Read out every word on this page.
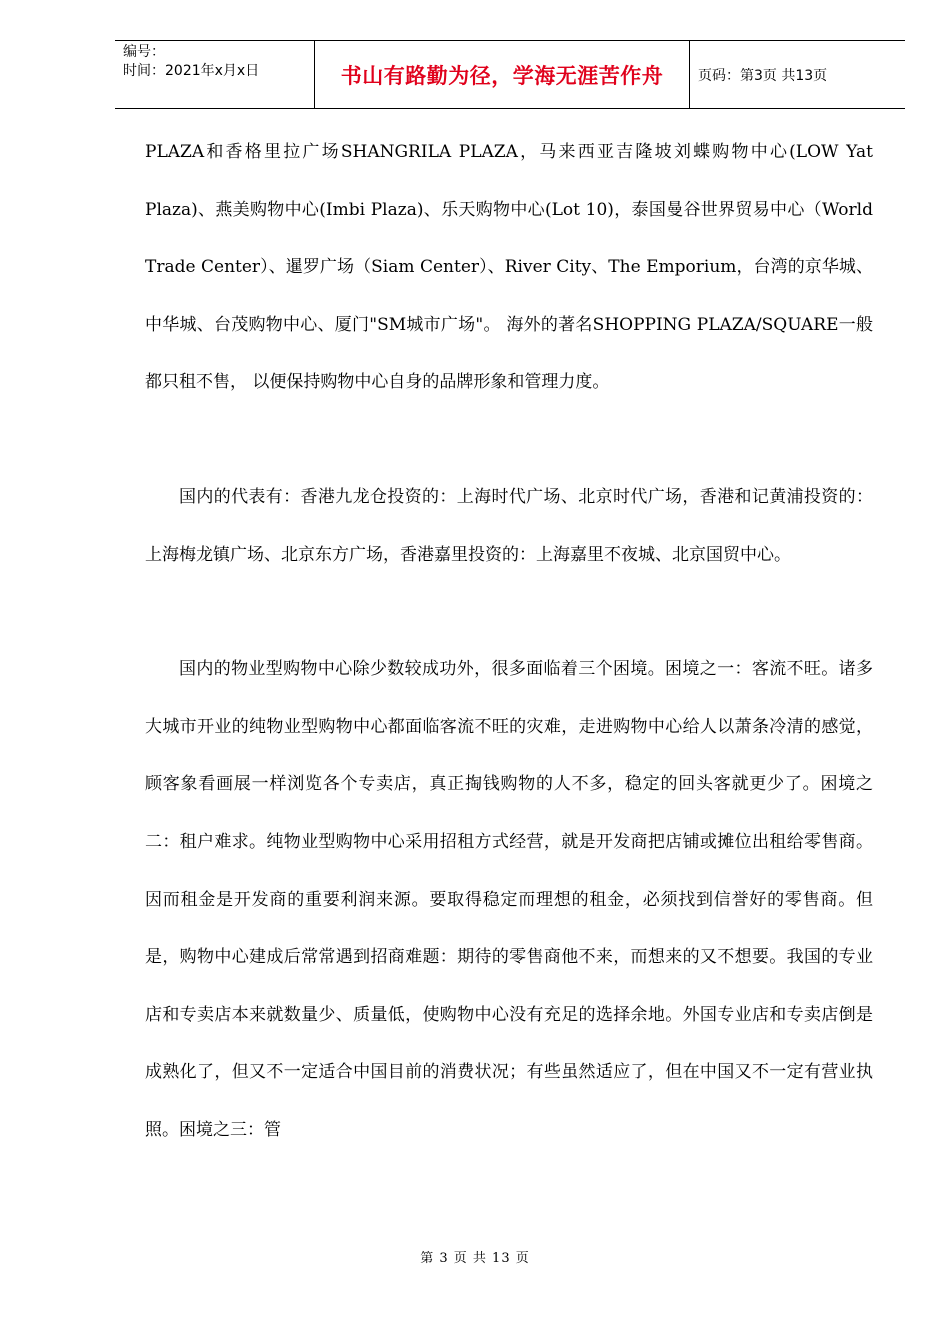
编号：
时间：2021年x月x日	书山有路勤为径，学海无涯苦作舟	页码：第3页 共13页

PLAZA和香格里拉广场SHANGRILA PLAZA，马来西亚吉隆坡刘蝶购物中心(LOW Yat Plaza)、燕美购物中心(Imbi Plaza)、乐天购物中心(Lot 10)，泰国曼谷世界贸易中心（World Trade Center）、暹罗广场（Siam Center）、River City、The Emporium，台湾的京华城、中华城、台茂购物中心、厦门"SM城市广场"。 海外的著名SHOPPING PLAZA/SQUARE一般都只租不售， 以便保持购物中心自身的品牌形象和管理力度。

国内的代表有：香港九龙仓投资的：上海时代广场、北京时代广场，香港和记黄浦投资的：上海梅龙镇广场、北京东方广场，香港嘉里投资的：上海嘉里不夜城、北京国贸中心。

国内的物业型购物中心除少数较成功外，很多面临着三个困境。困境之一：客流不旺。诸多大城市开业的纯物业型购物中心都面临客流不旺的灾难，走进购物中心给人以萧条冷清的感觉，顾客象看画展一样浏览各个专卖店，真正掏钱购物的人不多，稳定的回头客就更少了。困境之二：租户难求。纯物业型购物中心采用招租方式经营，就是开发商把店铺或摊位出租给零售商。因而租金是开发商的重要利润来源。要取得稳定而理想的租金，必须找到信誉好的零售商。但是，购物中心建成后常常遇到招商难题：期待的零售商他不来，而想来的又不想要。我国的专业店和专卖店本来就数量少、质量低，使购物中心没有充足的选择余地。外国专业店和专卖店倒是成熟化了，但又不一定适合中国目前的消费状况；有些虽然适应了，但在中国又不一定有营业执照。困境之三：管

第 3 页 共 13 页
